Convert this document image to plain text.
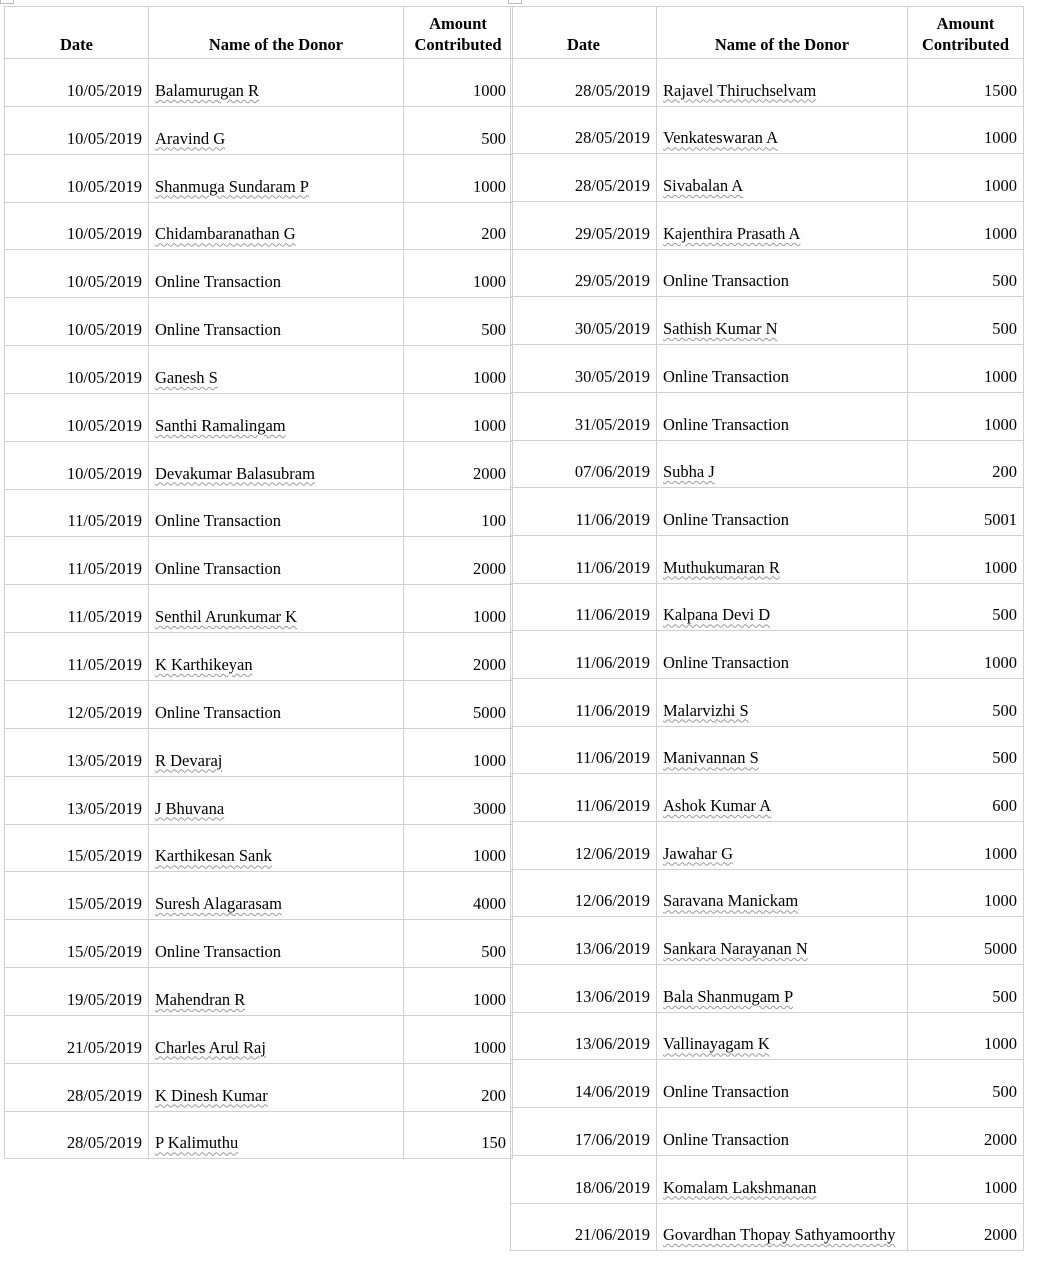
Date	Name of the Donor	Amount
Contributed
10/05/2019	Balamurugan R	1000
10/05/2019	Aravind G	500
10/05/2019	Shanmuga Sundaram P	1000
10/05/2019	Chidambaranathan G	200
10/05/2019	Online Transaction	1000
10/05/2019	Online Transaction	500
10/05/2019	Ganesh S	1000
10/05/2019	Santhi Ramalingam	1000
10/05/2019	Devakumar Balasubram	2000
11/05/2019	Online Transaction	100
11/05/2019	Online Transaction	2000
11/05/2019	Senthil Arunkumar K	1000
11/05/2019	K Karthikeyan	2000
12/05/2019	Online Transaction	5000
13/05/2019	R Devaraj	1000
13/05/2019	J Bhuvana	3000
15/05/2019	Karthikesan Sank	1000
15/05/2019	Suresh Alagarasam	4000
15/05/2019	Online Transaction	500
19/05/2019	Mahendran R	1000
21/05/2019	Charles Arul Raj	1000
28/05/2019	K Dinesh Kumar	200
28/05/2019	P Kalimuthu	150
Date	Name of the Donor	Amount
Contributed
28/05/2019	Rajavel Thiruchselvam	1500
28/05/2019	Venkateswaran A	1000
28/05/2019	Sivabalan A	1000
29/05/2019	Kajenthira Prasath A	1000
29/05/2019	Online Transaction	500
30/05/2019	Sathish Kumar N	500
30/05/2019	Online Transaction	1000
31/05/2019	Online Transaction	1000
07/06/2019	Subha J	200
11/06/2019	Online Transaction	5001
11/06/2019	Muthukumaran R	1000
11/06/2019	Kalpana Devi D	500
11/06/2019	Online Transaction	1000
11/06/2019	Malarvizhi S	500
11/06/2019	Manivannan S	500
11/06/2019	Ashok Kumar A	600
12/06/2019	Jawahar G	1000
12/06/2019	Saravana Manickam	1000
13/06/2019	Sankara Narayanan N	5000
13/06/2019	Bala Shanmugam P	500
13/06/2019	Vallinayagam K	1000
14/06/2019	Online Transaction	500
17/06/2019	Online Transaction	2000
18/06/2019	Komalam Lakshmanan	1000
21/06/2019	Govardhan Thopay Sathyamoorthy	2000
